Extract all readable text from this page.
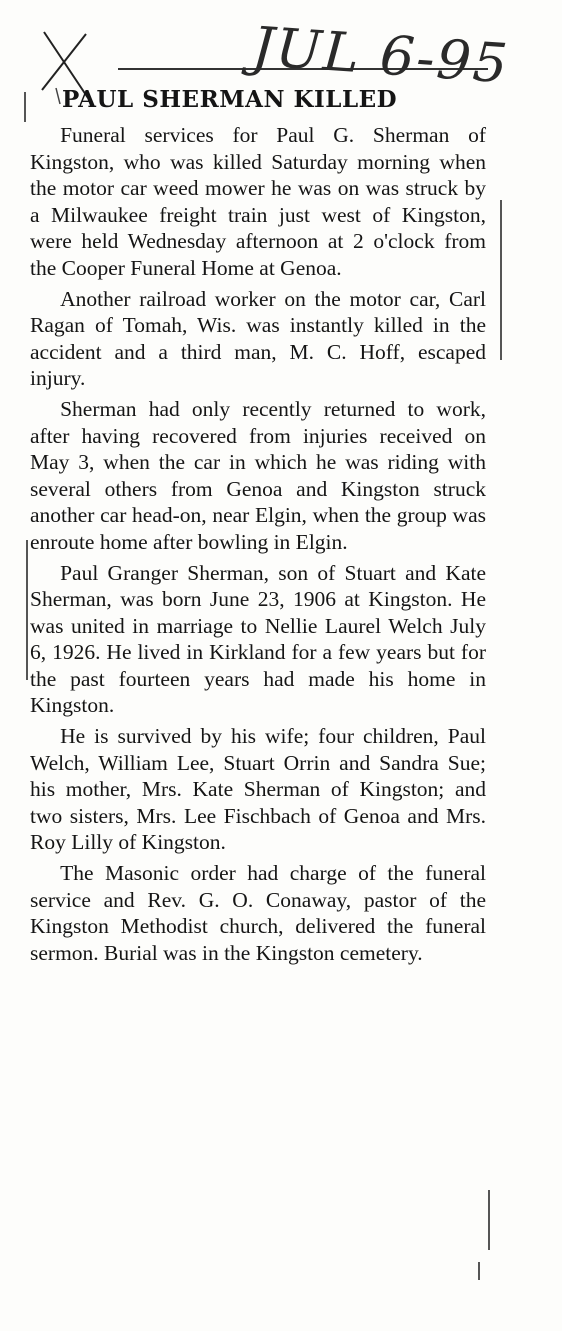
JUL 6-95
PAUL SHERMAN KILLED

Funeral services for Paul G. Sherman of Kingston, who was killed Saturday morning when the motor car weed mower he was on was struck by a Milwaukee freight train just west of Kingston, were held Wednesday afternoon at 2 o'clock from the Cooper Funeral Home at Genoa.

Another railroad worker on the motor car, Carl Ragan of Tomah, Wis. was instantly killed in the accident and a third man, M. C. Hoff, escaped injury.

Sherman had only recently returned to work, after having recovered from injuries received on May 3, when the car in which he was riding with several others from Genoa and Kingston struck another car head-on, near Elgin, when the group was enroute home after bowling in Elgin.

Paul Granger Sherman, son of Stuart and Kate Sherman, was born June 23, 1906 at Kingston. He was united in marriage to Nellie Laurel Welch July 6, 1926. He lived in Kirkland for a few years but for the past fourteen years had made his home in Kingston.

He is survived by his wife; four children, Paul Welch, William Lee, Stuart Orrin and Sandra Sue; his mother, Mrs. Kate Sherman of Kingston; and two sisters, Mrs. Lee Fischbach of Genoa and Mrs. Roy Lilly of Kingston.

The Masonic order had charge of the funeral service and Rev. G. O. Conaway, pastor of the Kingston Methodist church, delivered the funeral sermon. Burial was in the Kingston cemetery.
